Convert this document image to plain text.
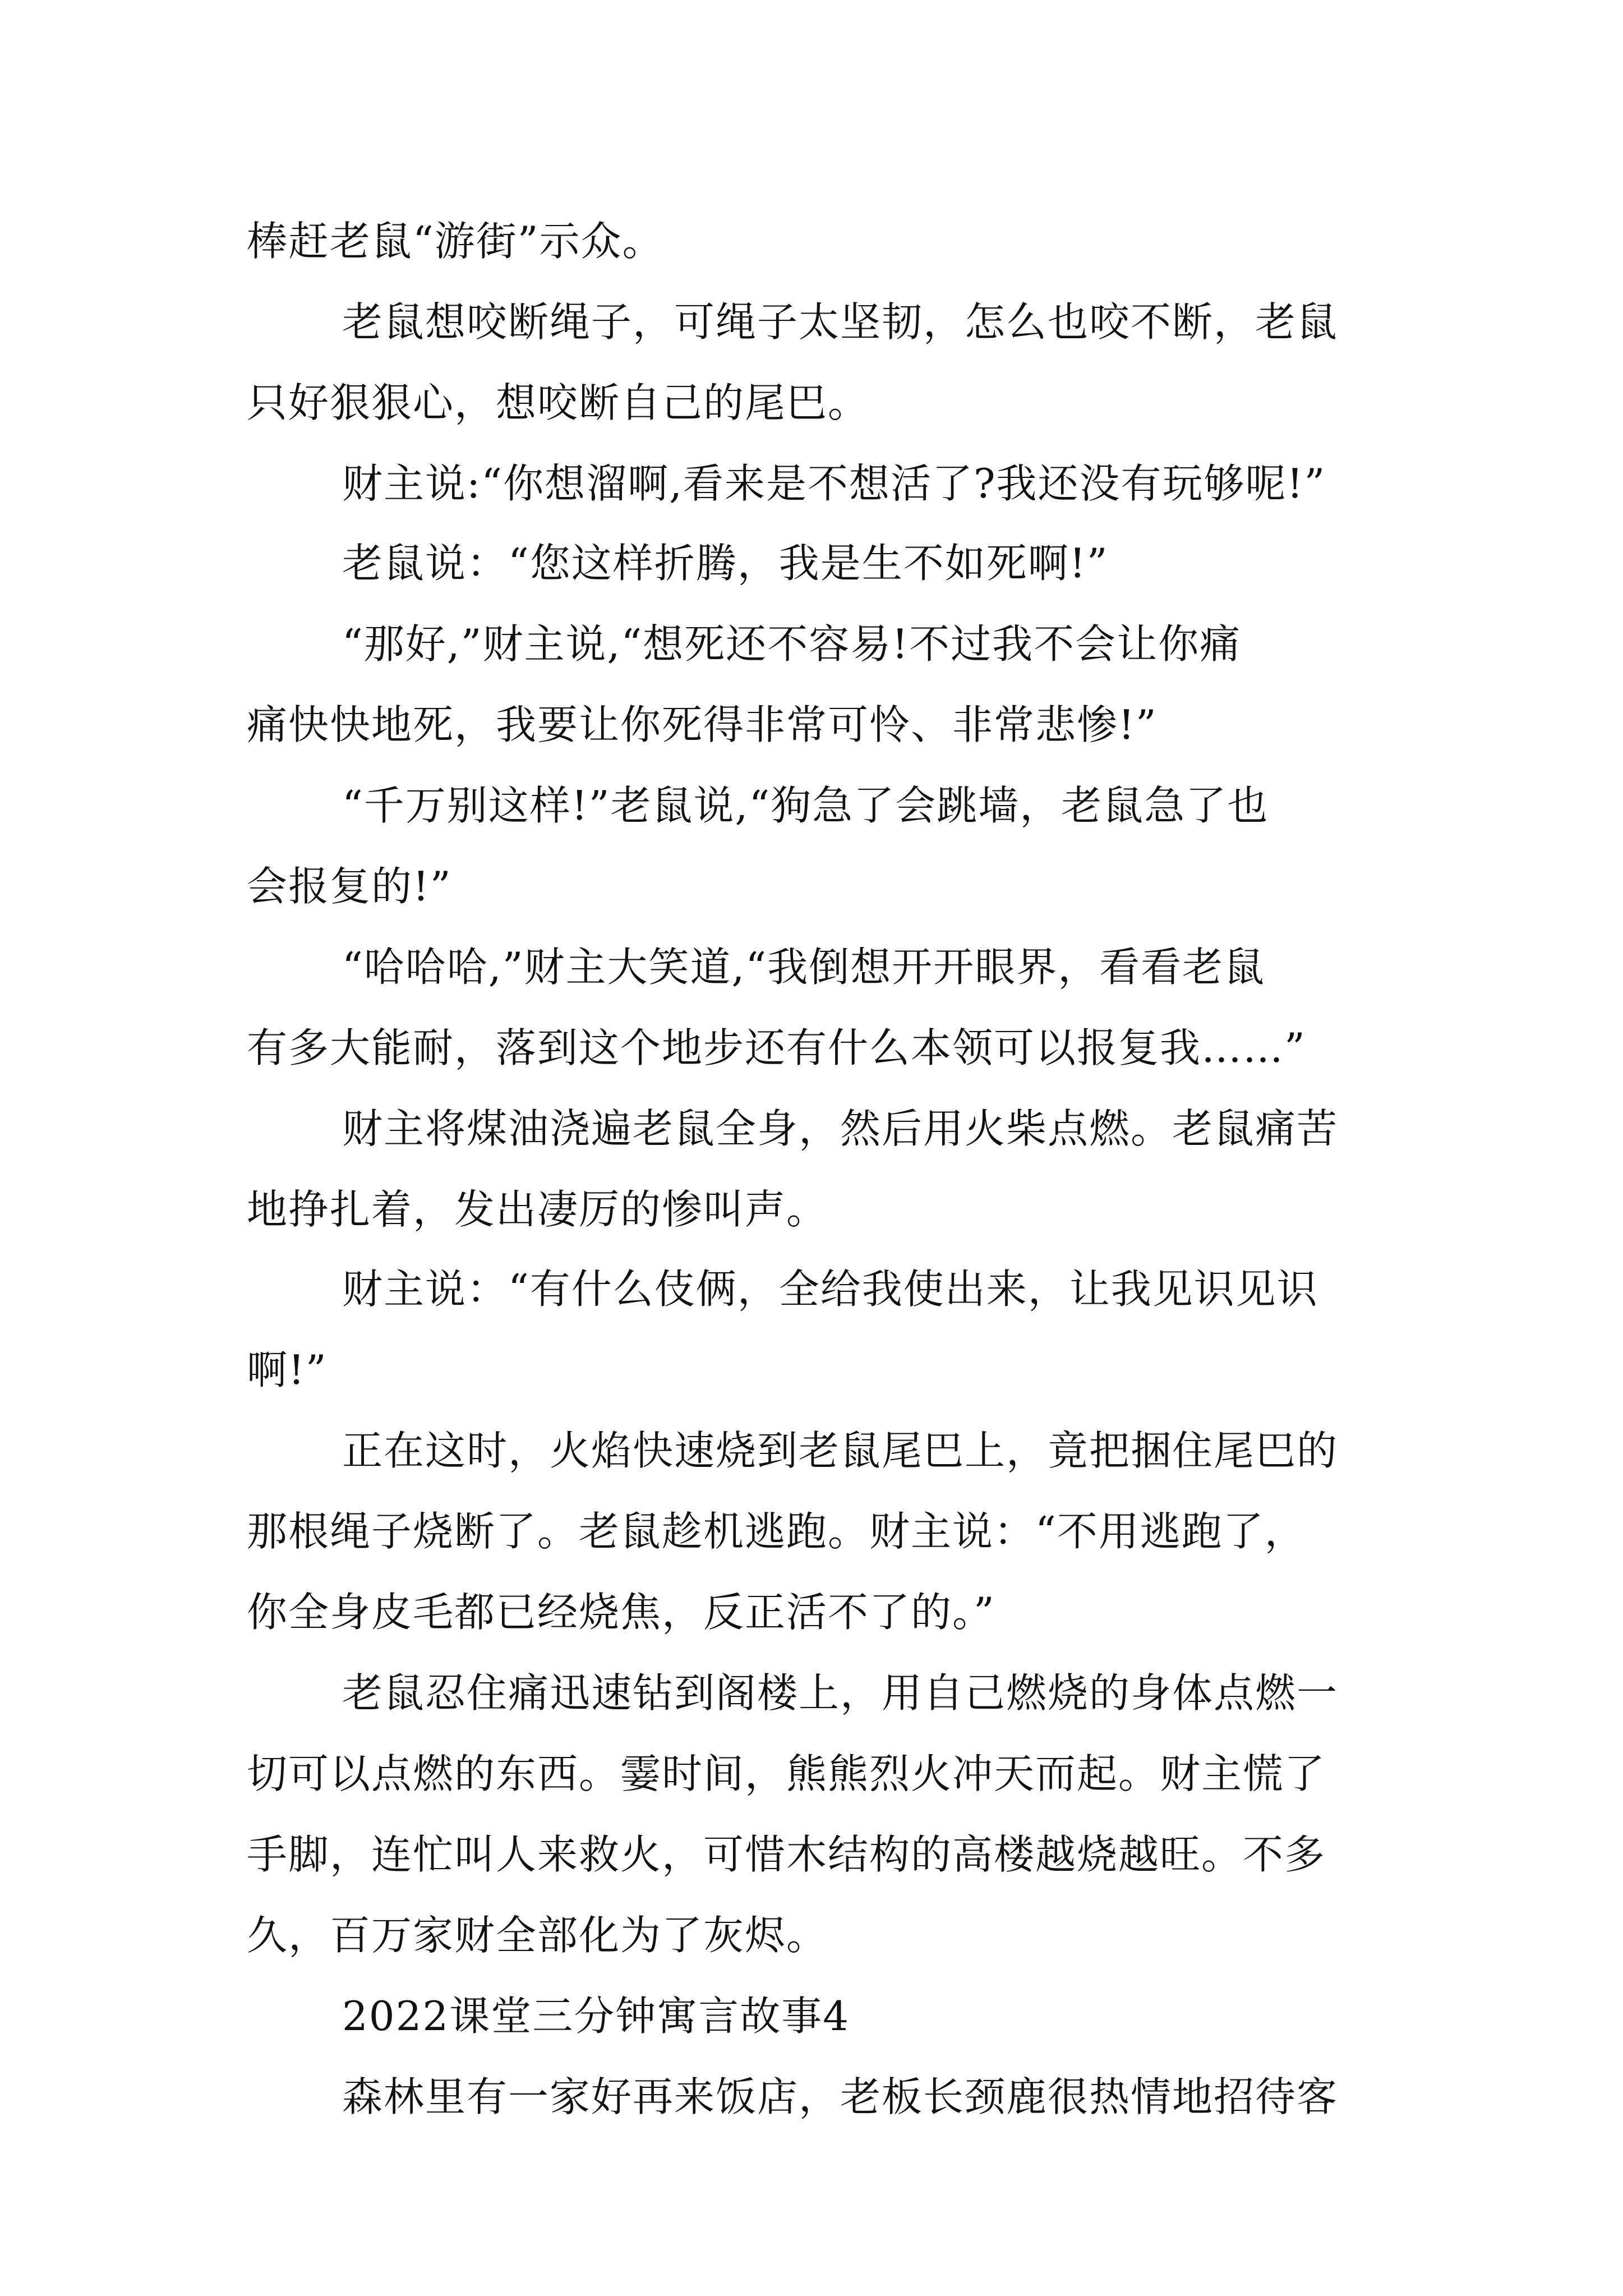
棒赶老鼠“游街”示众。
老鼠想咬断绳子，可绳子太坚韧，怎么也咬不断，老鼠
只好狠狠心，想咬断自己的尾巴。
财主说:“你想溜啊,看来是不想活了?我还没有玩够呢!”
老鼠说：“您这样折腾，我是生不如死啊!”
“那好,”财主说,“想死还不容易!不过我不会让你痛
痛快快地死，我要让你死得非常可怜、非常悲惨!”
“千万别这样!”老鼠说,“狗急了会跳墙，老鼠急了也
会报复的!”
“哈哈哈,”财主大笑道,“我倒想开开眼界，看看老鼠
有多大能耐，落到这个地步还有什么本领可以报复我……”
财主将煤油浇遍老鼠全身，然后用火柴点燃。老鼠痛苦
地挣扎着，发出凄厉的惨叫声。
财主说：“有什么伎俩，全给我使出来，让我见识见识
啊!”
正在这时，火焰快速烧到老鼠尾巴上，竟把捆住尾巴的
那根绳子烧断了。老鼠趁机逃跑。财主说：“不用逃跑了，
你全身皮毛都已经烧焦，反正活不了的。”
老鼠忍住痛迅速钻到阁楼上，用自己燃烧的身体点燃一
切可以点燃的东西。霎时间，熊熊烈火冲天而起。财主慌了
手脚，连忙叫人来救火，可惜木结构的高楼越烧越旺。不多
久，百万家财全部化为了灰烬。
2022课堂三分钟寓言故事4
森林里有一家好再来饭店，老板长颈鹿很热情地招待客
